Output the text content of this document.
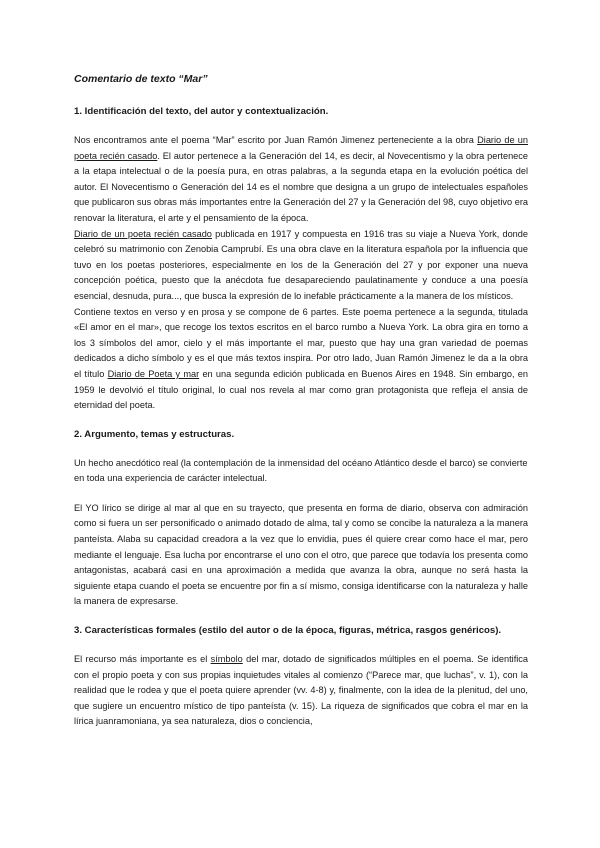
Comentario de texto “Mar”
1. Identificación del texto, del autor y contextualización.

Nos encontramos ante el poema “Mar” escrito por Juan Ramón Jimenez perteneciente a la obra Diario de un poeta recién casado. El autor pertenece a la Generación del 14, es decir, al Novecentismo y la obra pertenece a la etapa intelectual o de la poesía pura, en otras palabras, a la segunda etapa en la evolución poética del autor. El Novecentismo o Generación del 14 es el nombre que designa a un grupo de intelectuales españoles que publicaron sus obras más importantes entre la Generación del 27 y la Generación del 98, cuyo objetivo era renovar la literatura, el arte y el pensamiento de la época.

Diario de un poeta recién casado publicada en 1917 y compuesta en 1916 tras su viaje a Nueva York, donde celebró su matrimonio con Zenobia Camprubí. Es una obra clave en la literatura española por la influencia que tuvo en los poetas posteriores, especialmente en los de la Generación del 27 y por exponer una nueva concepción poética, puesto que la anécdota fue desapareciendo paulatinamente y conduce a una poesía esencial, desnuda, pura..., que busca la expresión de lo inefable prácticamente a la manera de los místicos.

Contiene textos en verso y en prosa y se compone de 6 partes. Este poema pertenece a la segunda, titulada «El amor en el mar», que recoge los textos escritos en el barco rumbo a Nueva York. La obra gira en torno a los 3 símbolos del amor, cielo y el más importante el mar, puesto que hay una gran variedad de poemas dedicados a dicho símbolo y es el que más textos inspira. Por otro lado, Juan Ramón Jimenez le da a la obra el título Diario de Poeta y mar en una segunda edición publicada en Buenos Aires en 1948. Sin embargo, en 1959 le devolvió el título original, lo cual nos revela al mar como gran protagonista que refleja el ansia de eternidad del poeta.

2. Argumento, temas y estructuras.

Un hecho anecdótico real (la contemplación de la inmensidad del océano Atlántico desde el barco) se convierte en toda una experiencia de carácter intelectual.

El YO lírico se dirige al mar al que en su trayecto, que presenta en forma de diario, observa con admiración como si fuera un ser personificado o animado dotado de alma, tal y como se concibe la naturaleza a la manera panteísta. Alaba su capacidad creadora a la vez que lo envidia, pues él quiere crear como hace el mar, pero mediante el lenguaje. Esa lucha por encontrarse el uno con el otro, que parece que todavía los presenta como antagonistas, acabará casi en una aproximación a medida que avanza la obra, aunque no será hasta la siguiente etapa cuando el poeta se encuentre por fin a sí mismo, consiga identificarse con la naturaleza y halle la manera de expresarse.

3. Características formales (estilo del autor o de la época, figuras, métrica, rasgos genéricos).

El recurso más importante es el símbolo del mar, dotado de significados múltiples en el poema. Se identifica con el propio poeta y con sus propias inquietudes vitales al comienzo (“Parece mar, que luchas”, v. 1), con la realidad que le rodea y que el poeta quiere aprender (vv. 4-8) y, finalmente, con la idea de la plenitud, del uno, que sugiere un encuentro místico de tipo panteísta (v. 15). La riqueza de significados que cobra el mar en la lírica juanramoniana, ya sea naturaleza, dios o conciencia,
